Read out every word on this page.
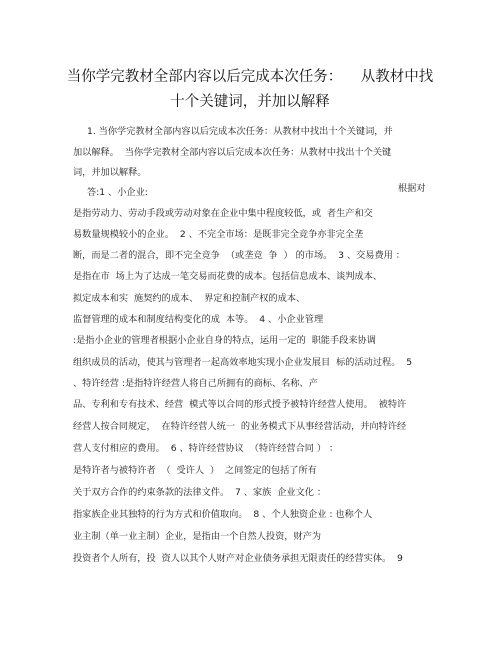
当你学完教材全部内容以后完成本次任务：    从教材中找
十个关键词，并加以解释
根据对
1. 当你学完教材全部内容以后完成本次任务：从教材中找出十个关键词，并
加以解释。  当你学完教材全部内容以后完成本次任务：从教材中找出十个关键
词，并加以解释。
答:1 、小企业:
是指劳动力、劳动手段或劳动对象在企业中集中程度较低，或  者生产和交
易数量规模较小的企业。  2 、不完全市场：是既非完全竞争亦非完全垄
断，而是二者的混合，即不完全竞争  （或垄竞  争  ） 的市场。  3 、交易费用 ：
是指在市  场上为了达成一笔交易而花费的成本。包括信息成本、谈判成本、
拟定成本和实  施契约的成本、  界定和控制产权的成本、
监督管理的成本和制度结构变化的成  本等。  4 、小企业管理
:是指小企业的管理者根据小企业自身的特点，运用一定的  职能手段来协调
组织成员的活动，使其与管理者一起高效率地实现小企业发展目  标的活动过程。  5
、特许经营 :是指特许经营人将自己所拥有的商标、名称、产
品、专利和专有技术、经营  模式等以合同的形式授予被特许经营人使用。  被特许
经营人按合同规定，  在特许经营人统一  的业务模式下从事经营活动，并向特许经
营人支付相应的费用。  6 、特许经营协议  （特许经营合同 ） ：
是特许者与被特许者  （  受许人  ）  之间签定的包括了所有
关于双方合作的约束条款的法律文件。  7 、家族  企业文化 ：
指家族企业其独特的行为方式和价值取向。  8 、个人独资企业 : 也称个人
业主制（单一业主制）企业，是指由一个自然人投资，财产为
投资者个人所有，投  资人以其个人财产对企业债务承担无限责任的经营实体。  9
